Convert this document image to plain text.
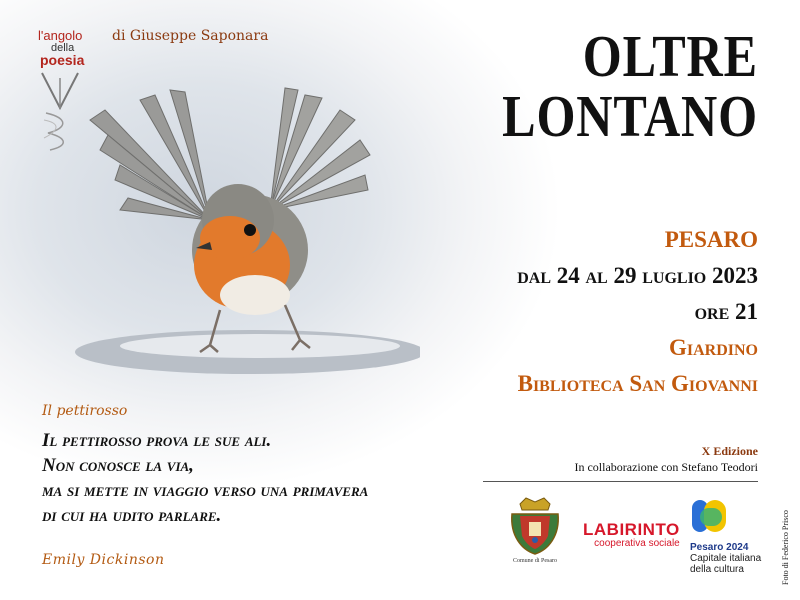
l'angolo
della
poesia
di Giuseppe Saponara	OLTRE
LONTANO
PESARO
dal 24 al 29 luglio 2023
ore 21
Giardino
Biblioteca San Giovanni
Il pettirosso
Il pettirosso prova le sue ali.
Non conosce la via,
ma si mette in viaggio verso una primavera
di cui ha udito parlare.
Emily Dickinson
X Edizione
In collaborazione con Stefano Teodori
Comune di Pesaro
LABIRINTO
cooperativa sociale Pesaro 2024
Capitale italiana
della cultura	Foto di Federico Prisco
